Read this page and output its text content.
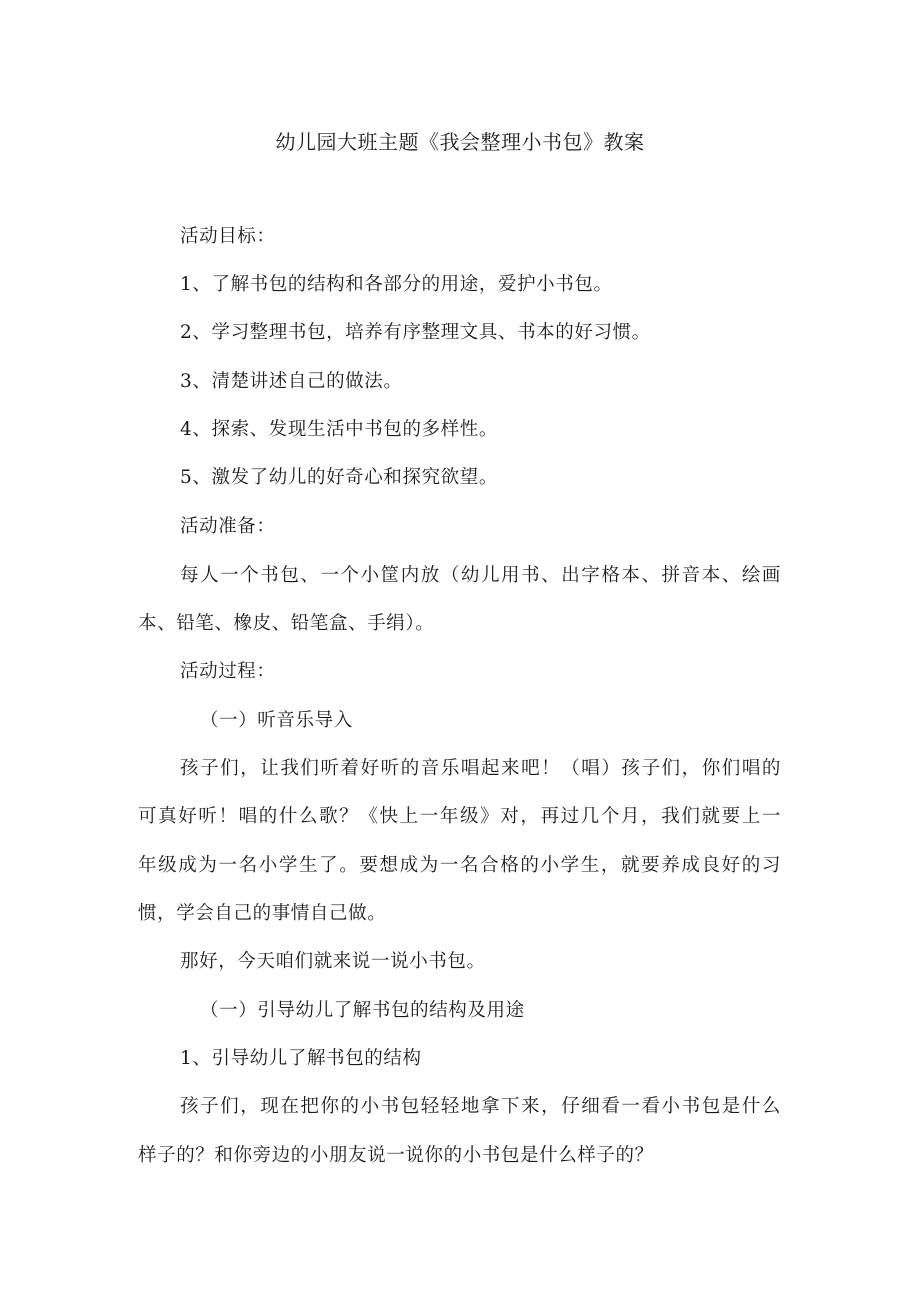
幼儿园大班主题《我会整理小书包》教案
活动目标：
1、了解书包的结构和各部分的用途，爱护小书包。
2、学习整理书包，培养有序整理文具、书本的好习惯。
3、清楚讲述自己的做法。
4、探索、发现生活中书包的多样性。
5、激发了幼儿的好奇心和探究欲望。
活动准备：
每人一个书包、一个小筐内放（幼儿用书、出字格本、拼音本、绘画
本、铅笔、橡皮、铅笔盒、手绢）。
活动过程：
（一）听音乐导入
孩子们，让我们听着好听的音乐唱起来吧！（唱）孩子们，你们唱的
可真好听！唱的什么歌？《快上一年级》对，再过几个月，我们就要上一
年级成为一名小学生了。要想成为一名合格的小学生，就要养成良好的习
惯，学会自己的事情自己做。
那好，今天咱们就来说一说小书包。
（一）引导幼儿了解书包的结构及用途
1、引导幼儿了解书包的结构
孩子们，现在把你的小书包轻轻地拿下来，仔细看一看小书包是什么
样子的？和你旁边的小朋友说一说你的小书包是什么样子的？
